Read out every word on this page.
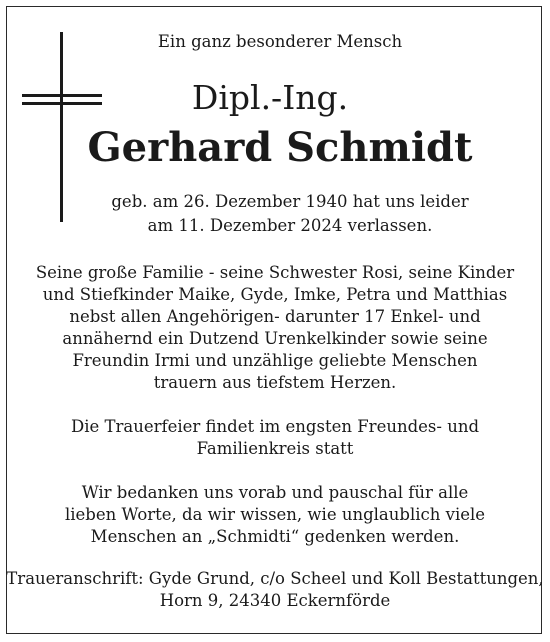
Ein ganz besonderer Mensch
Dipl.-Ing.
Gerhard Schmidt
geb. am 26. Dezember 1940 hat uns leider
am 11. Dezember 2024 verlassen.
Seine große Familie - seine Schwester Rosi, seine Kinder
und Stiefkinder Maike, Gyde, Imke, Petra und Matthias
nebst allen Angehörigen- darunter 17 Enkel- und
annähernd ein Dutzend Urenkelkinder sowie seine
Freundin Irmi und unzählige geliebte Menschen
trauern aus tiefstem Herzen.
Die Trauerfeier findet im engsten Freundes- und
Familienkreis statt
Wir bedanken uns vorab und pauschal für alle
lieben Worte, da wir wissen, wie unglaublich viele
Menschen an „Schmidti“ gedenken werden.
Traueranschrift: Gyde Grund, c/o Scheel und Koll Bestattungen,
Horn 9, 24340 Eckernförde
